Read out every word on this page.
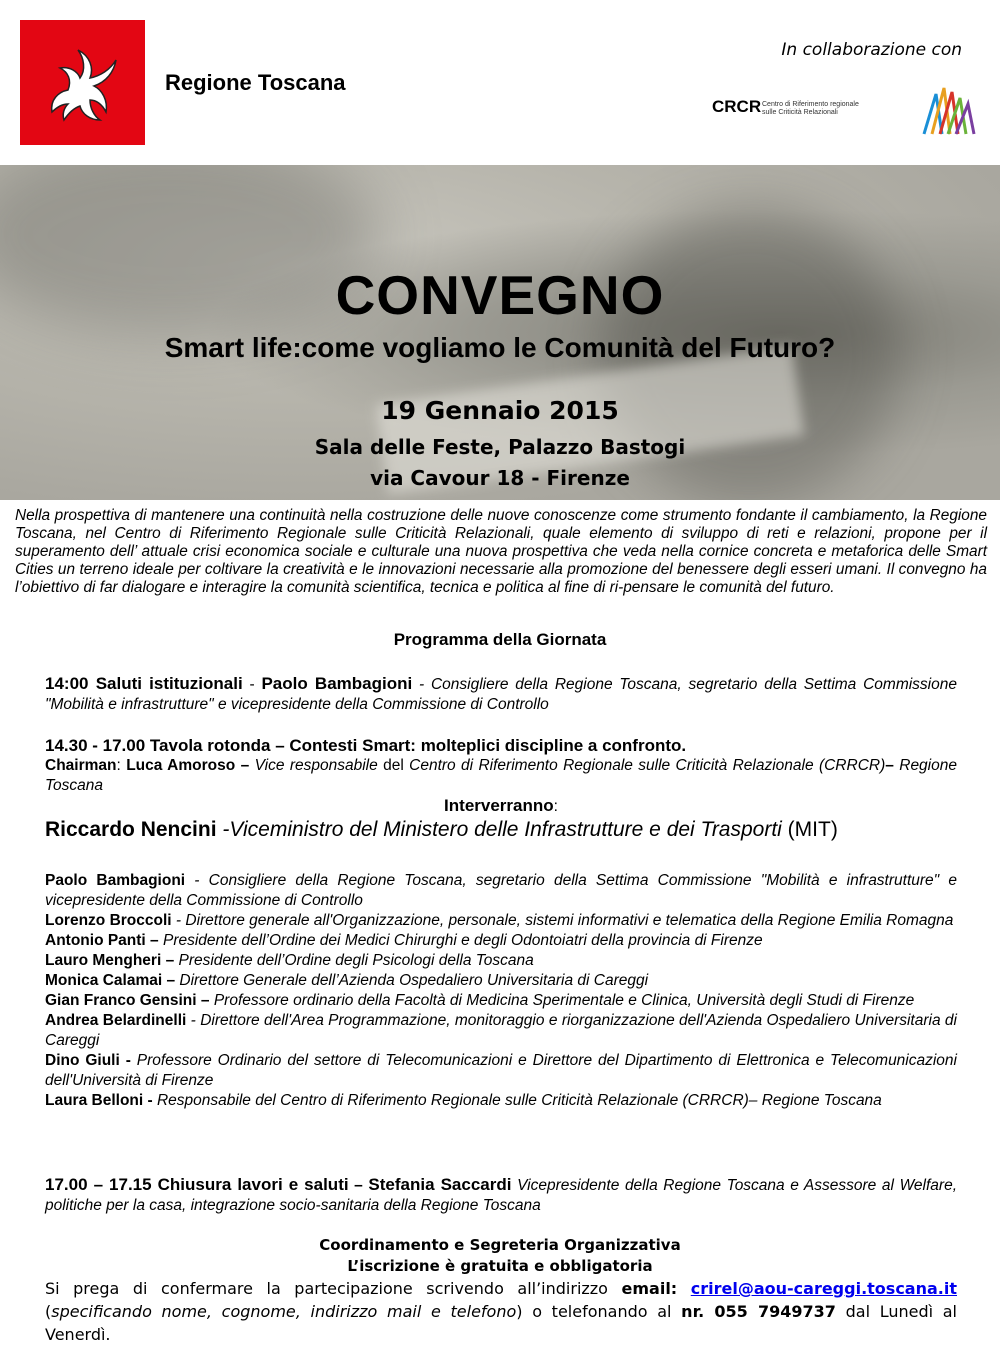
Regione Toscana
In collaborazione con
CRCR Centro di Riferimento regionale
sulle Criticità Relazionali
CONVEGNO
Smart life:come vogliamo le Comunità del Futuro?
19 Gennaio 2015
Sala delle Feste, Palazzo Bastogi
via Cavour 18 - Firenze
Nella prospettiva di mantenere una continuità nella costruzione delle nuove conoscenze come strumento fondante il cambiamento, la Regione Toscana, nel Centro di Riferimento Regionale sulle Criticità Relazionali, quale elemento di sviluppo di reti e relazioni, propone per il superamento dell’ attuale crisi economica sociale e culturale una nuova prospettiva che veda nella cornice concreta e metaforica delle Smart Cities un terreno ideale per coltivare la creatività e le innovazioni necessarie alla promozione del benessere degli esseri umani. Il convegno ha l’obiettivo di far dialogare e interagire la comunità scientifica, tecnica e politica al fine di ri-pensare le comunità del futuro.
Programma della Giornata
14:00 Saluti istituzionali - Paolo Bambagioni - Consigliere della Regione Toscana, segretario della Settima Commissione "Mobilità e infrastrutture" e vicepresidente della Commissione di Controllo
14.30 - 17.00 Tavola rotonda – Contesti Smart: molteplici discipline a confronto.
Chairman: Luca Amoroso – Vice responsabile del Centro di Riferimento Regionale sulle Criticità Relazionale (CRRCR)– Regione Toscana
Interverranno:
Riccardo Nencini -Viceministro del Ministero delle Infrastrutture e dei Trasporti (MIT)
Paolo Bambagioni - Consigliere della Regione Toscana, segretario della Settima Commissione "Mobilità e infrastrutture" e vicepresidente della Commissione di Controllo
Lorenzo Broccoli - Direttore generale all'Organizzazione, personale, sistemi informativi e telematica della Regione Emilia Romagna
Antonio Panti – Presidente dell’Ordine dei Medici Chirurghi e degli Odontoiatri della provincia di Firenze
Lauro Mengheri – Presidente dell’Ordine degli Psicologi della Toscana
Monica Calamai – Direttore Generale dell’Azienda Ospedaliero Universitaria di Careggi
Gian Franco Gensini – Professore ordinario della Facoltà di Medicina Sperimentale e Clinica, Università degli Studi di Firenze
Andrea Belardinelli - Direttore dell'Area Programmazione, monitoraggio e riorganizzazione dell'Azienda Ospedaliero Universitaria di Careggi
Dino Giuli - Professore Ordinario del settore di Telecomunicazioni e Direttore del Dipartimento di Elettronica e Telecomunicazioni dell'Università di Firenze
Laura Belloni - Responsabile del Centro di Riferimento Regionale sulle Criticità Relazionale (CRRCR)– Regione Toscana
17.00 – 17.15 Chiusura lavori e saluti – Stefania Saccardi Vicepresidente della Regione Toscana e Assessore al Welfare, politiche per la casa, integrazione socio-sanitaria della Regione Toscana
Coordinamento e Segreteria Organizzativa
L’iscrizione è gratuita e obbligatoria
Si prega di confermare la partecipazione scrivendo all’indirizzo email: crirel@aou-careggi.toscana.it (specificando nome, cognome, indirizzo mail e telefono) o telefonando al nr. 055 7949737 dal Lunedì al Venerdì.
